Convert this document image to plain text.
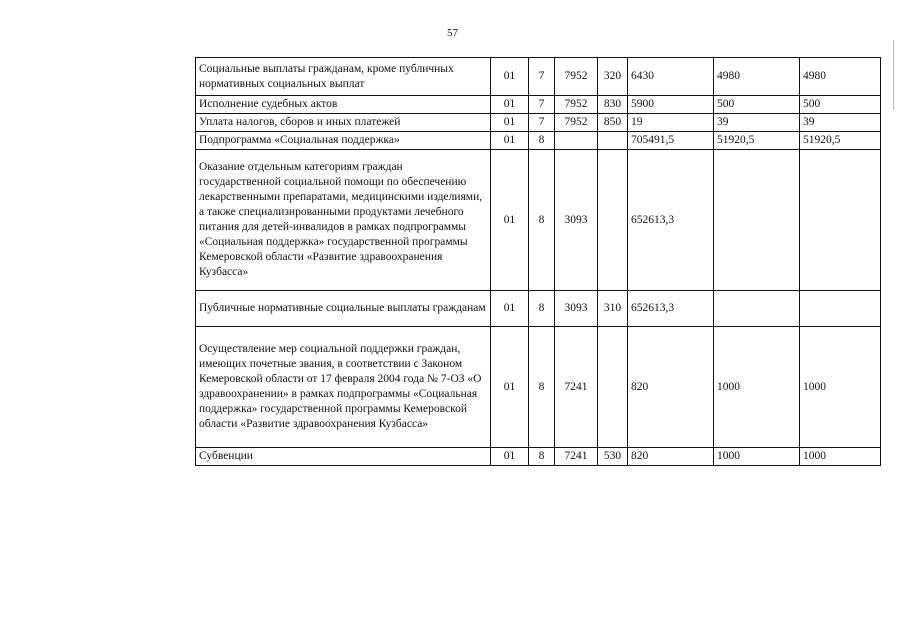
57
Социальные выплаты гражданам, кроме публичных нормативных социальных выплат	01	7	7952	320	6430	4980	4980
Исполнение судебных актов	01	7	7952	830	5900	500	500
Уплата налогов, сборов и иных платежей	01	7	7952	850	19	39	39
Подпрограмма «Социальная поддержка»	01	8			705491,5	51920,5	51920,5
Оказание отдельным категориям граждан государственной социальной помощи по обеспечению лекарственными препаратами, медицинскими изделиями, а также специализированными продуктами лечебного питания для детей-инвалидов в рамках подпрограммы «Социальная поддержка» государственной программы Кемеровской области «Развитие здравоохранения Кузбасса»	01	8	3093		652613,3		
Публичные нормативные социальные выплаты гражданам	01	8	3093	310	652613,3		
Осуществление мер социальной поддержки граждан, имеющих почетные звания, в соответствии с Законом Кемеровской области от 17 февраля 2004 года № 7-ОЗ «О здравоохранении» в рамках подпрограммы «Социальная поддержка» государственной программы Кемеровской области «Развитие здравоохранения Кузбасса»	01	8	7241		820	1000	1000
Субвенции	01	8	7241	530	820	1000	1000
